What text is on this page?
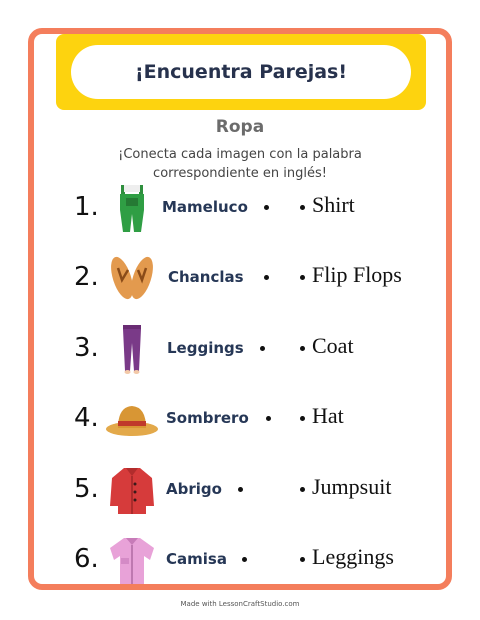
¡Encuentra Parejas!
Ropa
¡Conecta cada imagen con la palabra
correspondiente en inglés!
1.	Mameluco	Shirt
2.	Chanclas	Flip Flops
3.	Leggings	Coat
4.	Sombrero	Hat
5.	Abrigo	Jumpsuit
6.	Camisa	Leggings
Made with LessonCraftStudio.com
